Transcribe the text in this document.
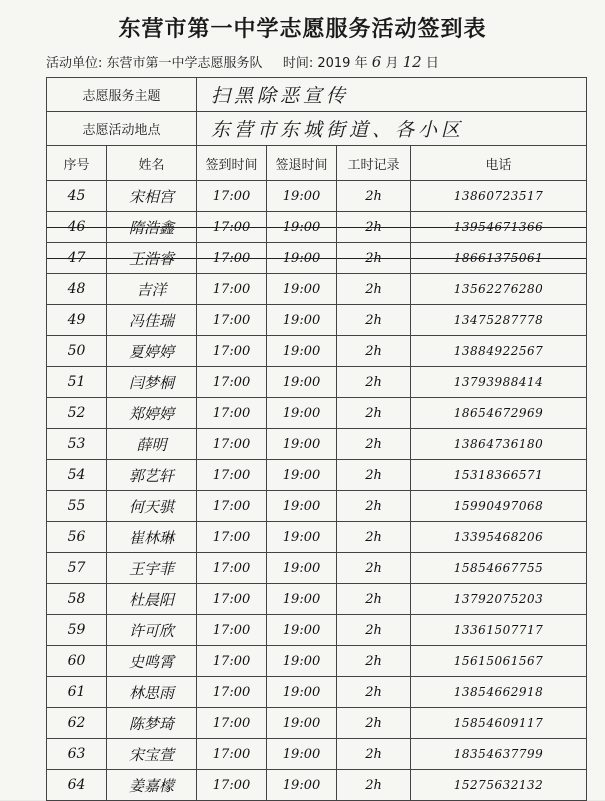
东营市第一中学志愿服务活动签到表
活动单位: 东营市第一中学志愿服务队 时间: 2019 年 6 月 12 日
志愿服务主题		扫黑除恶宣传			
志愿活动地点		东营市东城街道、各小区			
序号	姓名	签到时间	签退时间	工时记录	电话
45	宋相宫	17:00	19:00	2h	13860723517
46	隋浩鑫	17:00	19:00	2h	13954671366
47	王浩睿	17:00	19:00	2h	18661375061
48	吉洋	17:00	19:00	2h	13562276280
49	冯佳瑞	17:00	19:00	2h	13475287778
50	夏婷婷	17:00	19:00	2h	13884922567
51	闫梦桐	17:00	19:00	2h	13793988414
52	郑婷婷	17:00	19:00	2h	18654672969
53	薛明	17:00	19:00	2h	13864736180
54	郭艺轩	17:00	19:00	2h	15318366571
55	何天骐	17:00	19:00	2h	15990497068
56	崔林琳	17:00	19:00	2h	13395468206
57	王宇菲	17:00	19:00	2h	15854667755
58	杜晨阳	17:00	19:00	2h	13792075203
59	许可欣	17:00	19:00	2h	13361507717
60	史鸣霄	17:00	19:00	2h	15615061567
61	林思雨	17:00	19:00	2h	13854662918
62	陈梦琦	17:00	19:00	2h	15854609117
63	宋宝萱	17:00	19:00	2h	18354637799
64	姜嘉檬	17:00	19:00	2h	15275632132
